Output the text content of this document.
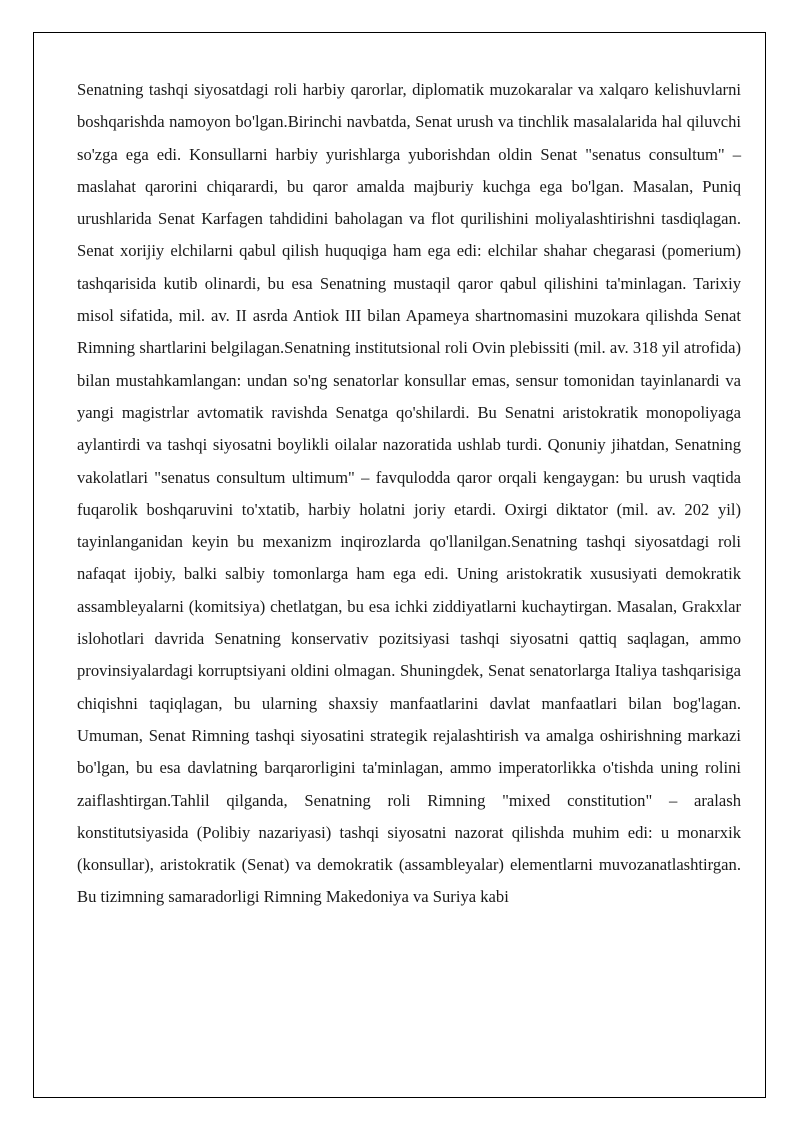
Senatning tashqi siyosatdagi roli harbiy qarorlar, diplomatik muzokaralar va xalqaro kelishuvlarni boshqarishda namoyon bo'lgan.Birinchi navbatda, Senat urush va tinchlik masalalarida hal qiluvchi so'zga ega edi. Konsullarni harbiy yurishlarga yuborishdan oldin Senat "senatus consultum" – maslahat qarorini chiqarardi, bu qaror amalda majburiy kuchga ega bo'lgan. Masalan, Puniq urushlarida Senat Karfagen tahdidini baholagan va flot qurilishini moliyalashtirishni tasdiqlagan. Senat xorijiy elchilarni qabul qilish huquqiga ham ega edi: elchilar shahar chegarasi (pomerium) tashqarisida kutib olinardi, bu esa Senatning mustaqil qaror qabul qilishini ta'minlagan. Tarixiy misol sifatida, mil. av. II asrda Antiok III bilan Apameya shartnomasini muzokara qilishda Senat Rimning shartlarini belgilagan.Senatning institutsional roli Ovin plebissiti (mil. av. 318 yil atrofida) bilan mustahkamlangan: undan so'ng senatorlar konsullar emas, sensur tomonidan tayinlanardi va yangi magistrlar avtomatik ravishda Senatga qo'shilardi. Bu Senatni aristokratik monopoliyaga aylantirdi va tashqi siyosatni boylikli oilalar nazoratida ushlab turdi. Qonuniy jihatdan, Senatning vakolatlari "senatus consultum ultimum" – favqulodda qaror orqali kengaygan: bu urush vaqtida fuqarolik boshqaruvini to'xtatib, harbiy holatni joriy etardi. Oxirgi diktator (mil. av. 202 yil) tayinlanganidan keyin bu mexanizm inqirozlarda qo'llanilgan.Senatning tashqi siyosatdagi roli nafaqat ijobiy, balki salbiy tomonlarga ham ega edi. Uning aristokratik xususiyati demokratik assambleyalarni (komitsiya) chetlatgan, bu esa ichki ziddiyatlarni kuchaytirgan. Masalan, Grakxlar islohotlari davrida Senatning konservativ pozitsiyasi tashqi siyosatni qattiq saqlagan, ammo provinsiyalardagi korruptsiyani oldini olmagan. Shuningdek, Senat senatorlarga Italiya tashqarisiga chiqishni taqiqlagan, bu ularning shaxsiy manfaatlarini davlat manfaatlari bilan bog'lagan. Umuman, Senat Rimning tashqi siyosatini strategik rejalashtirish va amalga oshirishning markazi bo'lgan, bu esa davlatning barqarorligini ta'minlagan, ammo imperatorlikka o'tishda uning rolini zaiflashtirgan.Tahlil qilganda, Senatning roli Rimning "mixed constitution" – aralash konstitutsiyasida (Polibiy nazariyasi) tashqi siyosatni nazorat qilishda muhim edi: u monarxik (konsullar), aristokratik (Senat) va demokratik (assambleyalar) elementlarni muvozanatlashtirgan. Bu tizimning samaradorligi Rimning Makedoniya va Suriya kabi
